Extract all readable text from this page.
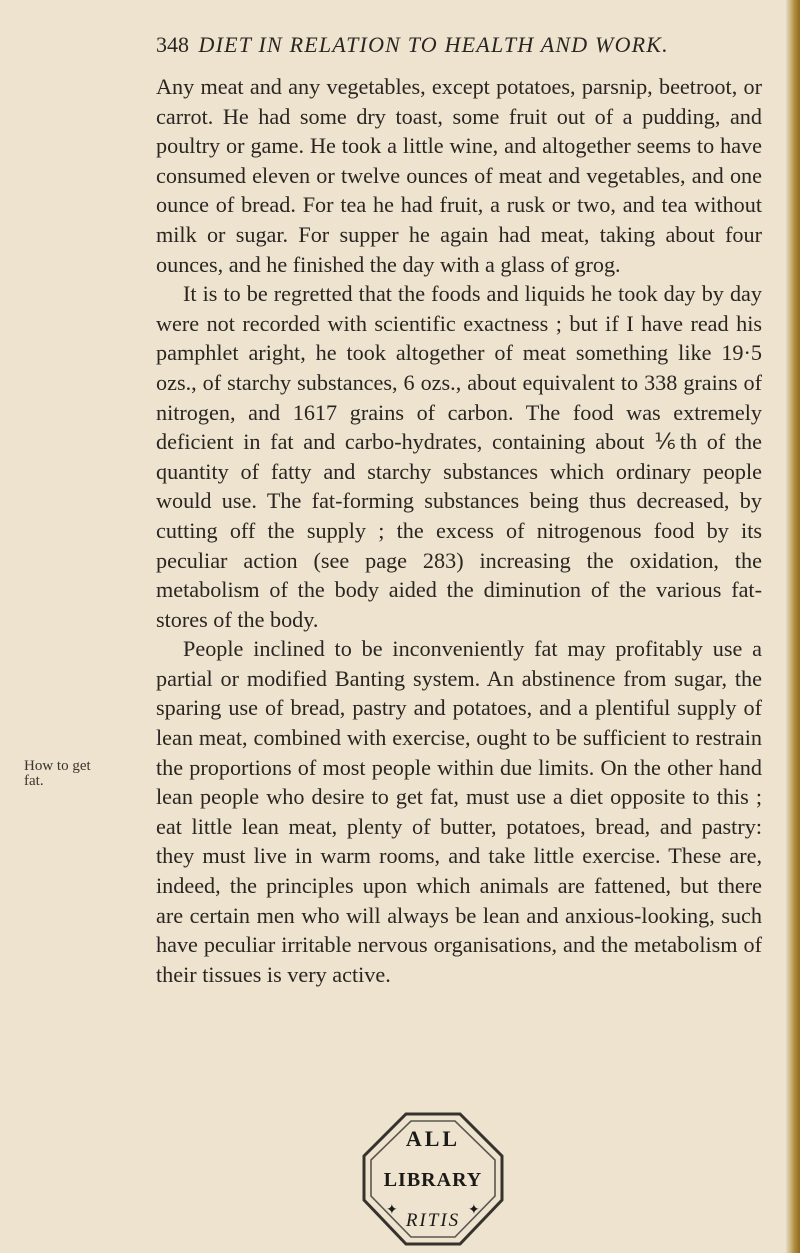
348 DIET IN RELATION TO HEALTH AND WORK.

Any meat and any vegetables, except potatoes, parsnip, beetroot, or carrot. He had some dry toast, some fruit out of a pudding, and poultry or game. He took a little wine, and altogether seems to have consumed eleven or twelve ounces of meat and vegetables, and one ounce of bread. For tea he had fruit, a rusk or two, and tea without milk or sugar. For supper he again had meat, taking about four ounces, and he finished the day with a glass of grog.

It is to be regretted that the foods and liquids he took day by day were not recorded with scientific exactness ; but if I have read his pamphlet aright, he took altogether of meat something like 19·5 ozs., of starchy substances, 6 ozs., about equivalent to 338 grains of nitrogen, and 1617 grains of carbon. The food was extremely deficient in fat and carbo-hydrates, containing about ⅙th of the quantity of fatty and starchy substances which ordinary people would use. The fat-forming substances being thus decreased, by cutting off the supply ; the excess of nitrogenous food by its peculiar action (see page 283) increasing the oxidation, the metabolism of the body aided the diminution of the various fat-stores of the body.

People inclined to be inconveniently fat may profitably use a partial or modified Banting system. An abstinence from sugar, the sparing use of bread, pastry and potatoes, and a plentiful supply of lean meat, combined with exercise, ought to be sufficient to restrain the proportions of most people within due limits. On the other hand lean people who desire to get fat, must use a diet opposite to this ; eat little lean meat, plenty of butter, potatoes, bread, and pastry: they must live in warm rooms, and take little exercise. These are, indeed, the principles upon which animals are fattened, but there are certain men who will always be lean and anxious-looking, such have peculiar irritable nervous organisations, and the metabolism of their tissues is very active.

How to get fat.
ALL
LIBRARY
RITIS
✦	✦
